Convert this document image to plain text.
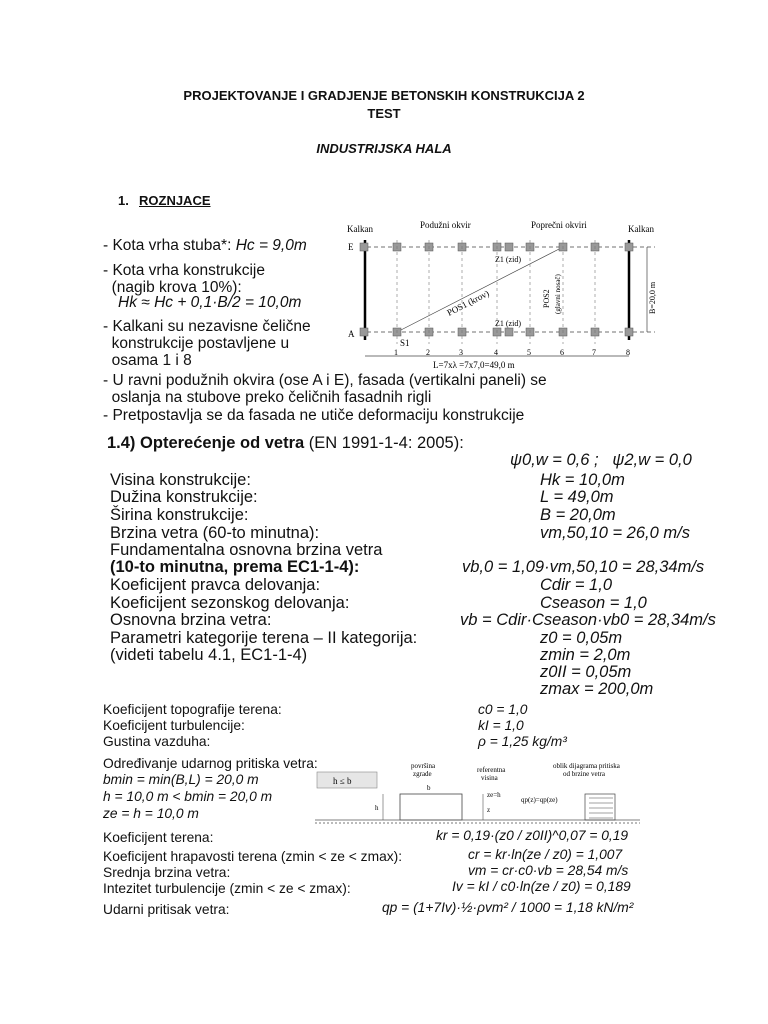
PROJEKTOVANJE I GRADJENJE BETONSKIH KONSTRUKCIJA 2
TEST
INDUSTRIJSKA HALA
1. ROZNJACE
- Kota vrha stuba*: Hc = 9,0m
- Kota vrha konstrukcije
(nagib krova 10%):
Hk ≈ Hc + 0,1·B/2 = 10,0m
- Kalkani su nezavisne čelične
konstrukcije postavljene u
osama 1 i 8
- U ravni podužnih okvira (ose A i E), fasada (vertikalni paneli) se
oslanja na stubove preko čeličnih fasadnih rigli
- Pretpostavlja se da fasada ne utiče deformaciju konstrukcije
Kalkan	Podužni okvir	Poprečni okviri	Kalkan
E
A
Z1 (zid)
Z1 (zid)
POS1 (krov)	POS2 (glavni nosač)
S1
B=20,0 m
L=7xλ =7x7,0=49,0 m
1	2	3	4	5	6	7	8
1.4) Opterećenje od vetra (EN 1991-1-4: 2005):
ψ0,w = 0,6 ;   ψ2,w = 0,0
Visina konstrukcije:	Hk = 10,0m
Dužina konstrukcije:	L = 49,0m
Širina konstrukcije:	B = 20,0m
Brzina vetra (60-to minutna):	vm,50,10 = 26,0 m/s
Fundamentalna osnovna brzina vetra
(10-to minutna, prema EC1-1-4):	vb,0 = 1,09·vm,50,10 = 28,34m/s
Koeficijent pravca delovanja:	Cdir = 1,0
Koeficijent sezonskog delovanja:	Cseason = 1,0
Osnovna brzina vetra:	vb = Cdir·Cseason·vb0 = 28,34m/s
Parametri kategorije terena – II kategorija:	z0 = 0,05m
(videti tabelu 4.1, EC1-1-4)	zmin = 2,0m
z0II = 0,05m
zmax = 200,0m
Koeficijent topografije terena:	c0 = 1,0
Koeficijent turbulencije:	kI = 1,0
Gustina vazduha:	ρ = 1,25 kg/m³
Određivanje udarnog pritiska vetra:
bmin = min(B,L) = 20,0 m
h = 10,0 m < bmin = 20,0 m
ze = h = 10,0 m
h ≤ b
površina
zgrade	referentna
visina
oblik dijagrama pritiska
od brzine vetra
b
h
ze=h
z
qp(z)=qp(ze)
Koeficijent terena:	kr = 0,19·(z0 / z0II)^0,07 = 0,19
Koeficijent hrapavosti terena (zmin < ze < zmax):	cr = kr·ln(ze / z0) = 1,007
Srednja brzina vetra:	vm = cr·c0·vb = 28,54 m/s
Intezitet turbulencije (zmin < ze < zmax):	Iv = kI / c0·ln(ze / z0) = 0,189
Udarni pritisak vetra:	qp = (1+7Iv)·½·ρvm² / 1000 = 1,18 kN/m²
